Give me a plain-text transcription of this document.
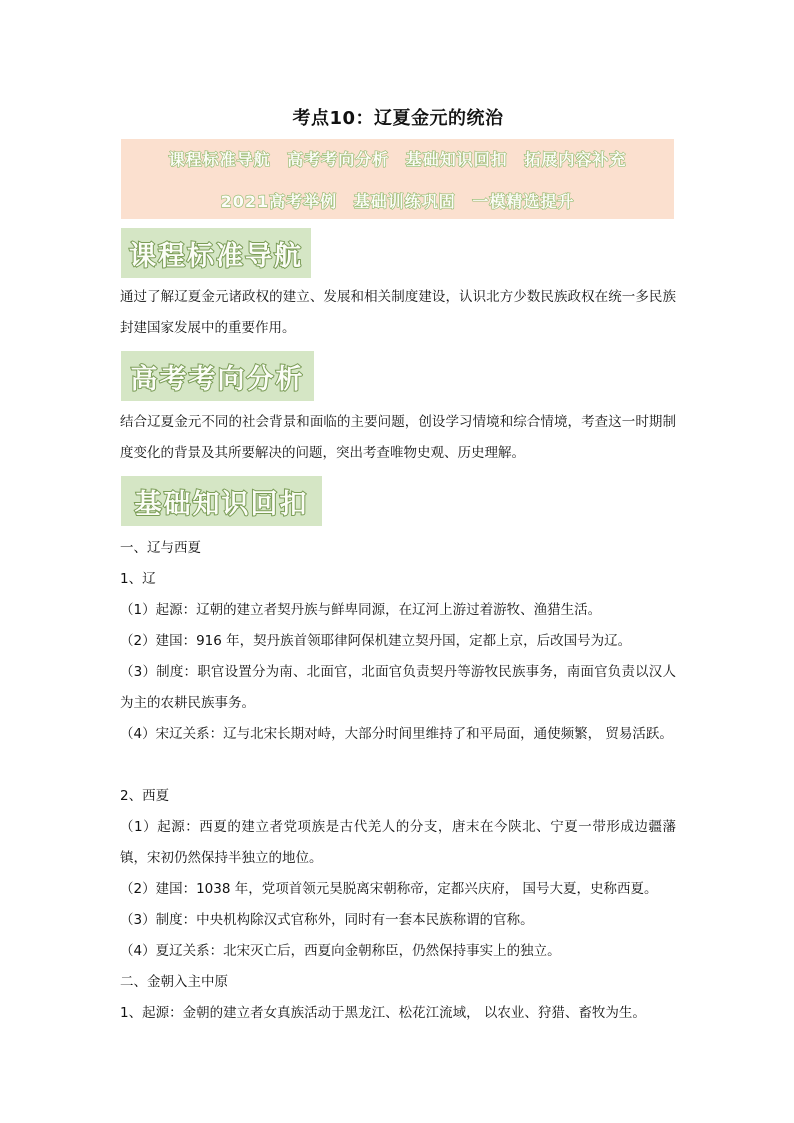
考点10：辽夏金元的统治
课程标准导航 高考考向分析 基础知识回扣 拓展内容补充
2021高考举例 基础训练巩固 一模精选提升
课程标准导航
通过了解辽夏金元诸政权的建立、发展和相关制度建设，认识北方少数民族政权在统一多民族封建国家发展中的重要作用。
高考考向分析
结合辽夏金元不同的社会背景和面临的主要问题，创设学习情境和综合情境，考查这一时期制度变化的背景及其所要解决的问题，突出考查唯物史观、历史理解。
基础知识回扣
一、辽与西夏
1、辽
（1）起源：辽朝的建立者契丹族与鲜卑同源，在辽河上游过着游牧、渔猎生活。
（2）建国：916 年，契丹族首领耶律阿保机建立契丹国，定都上京，后改国号为辽。
（3）制度：职官设置分为南、北面官，北面官负责契丹等游牧民族事务，南面官负责以汉人为主的农耕民族事务。
（4）宋辽关系：辽与北宋长期对峙，大部分时间里维持了和平局面，通使频繁， 贸易活跃。
2、西夏
（1）起源：西夏的建立者党项族是古代羌人的分支，唐末在今陕北、宁夏一带形成边疆藩镇，宋初仍然保持半独立的地位。
（2）建国：1038 年，党项首领元昊脱离宋朝称帝，定都兴庆府， 国号大夏，史称西夏。
（3）制度：中央机构除汉式官称外，同时有一套本民族称谓的官称。
（4）夏辽关系：北宋灭亡后，西夏向金朝称臣，仍然保持事实上的独立。
二、金朝入主中原
1、起源：金朝的建立者女真族活动于黑龙江、松花江流域， 以农业、狩猎、畜牧为生。
